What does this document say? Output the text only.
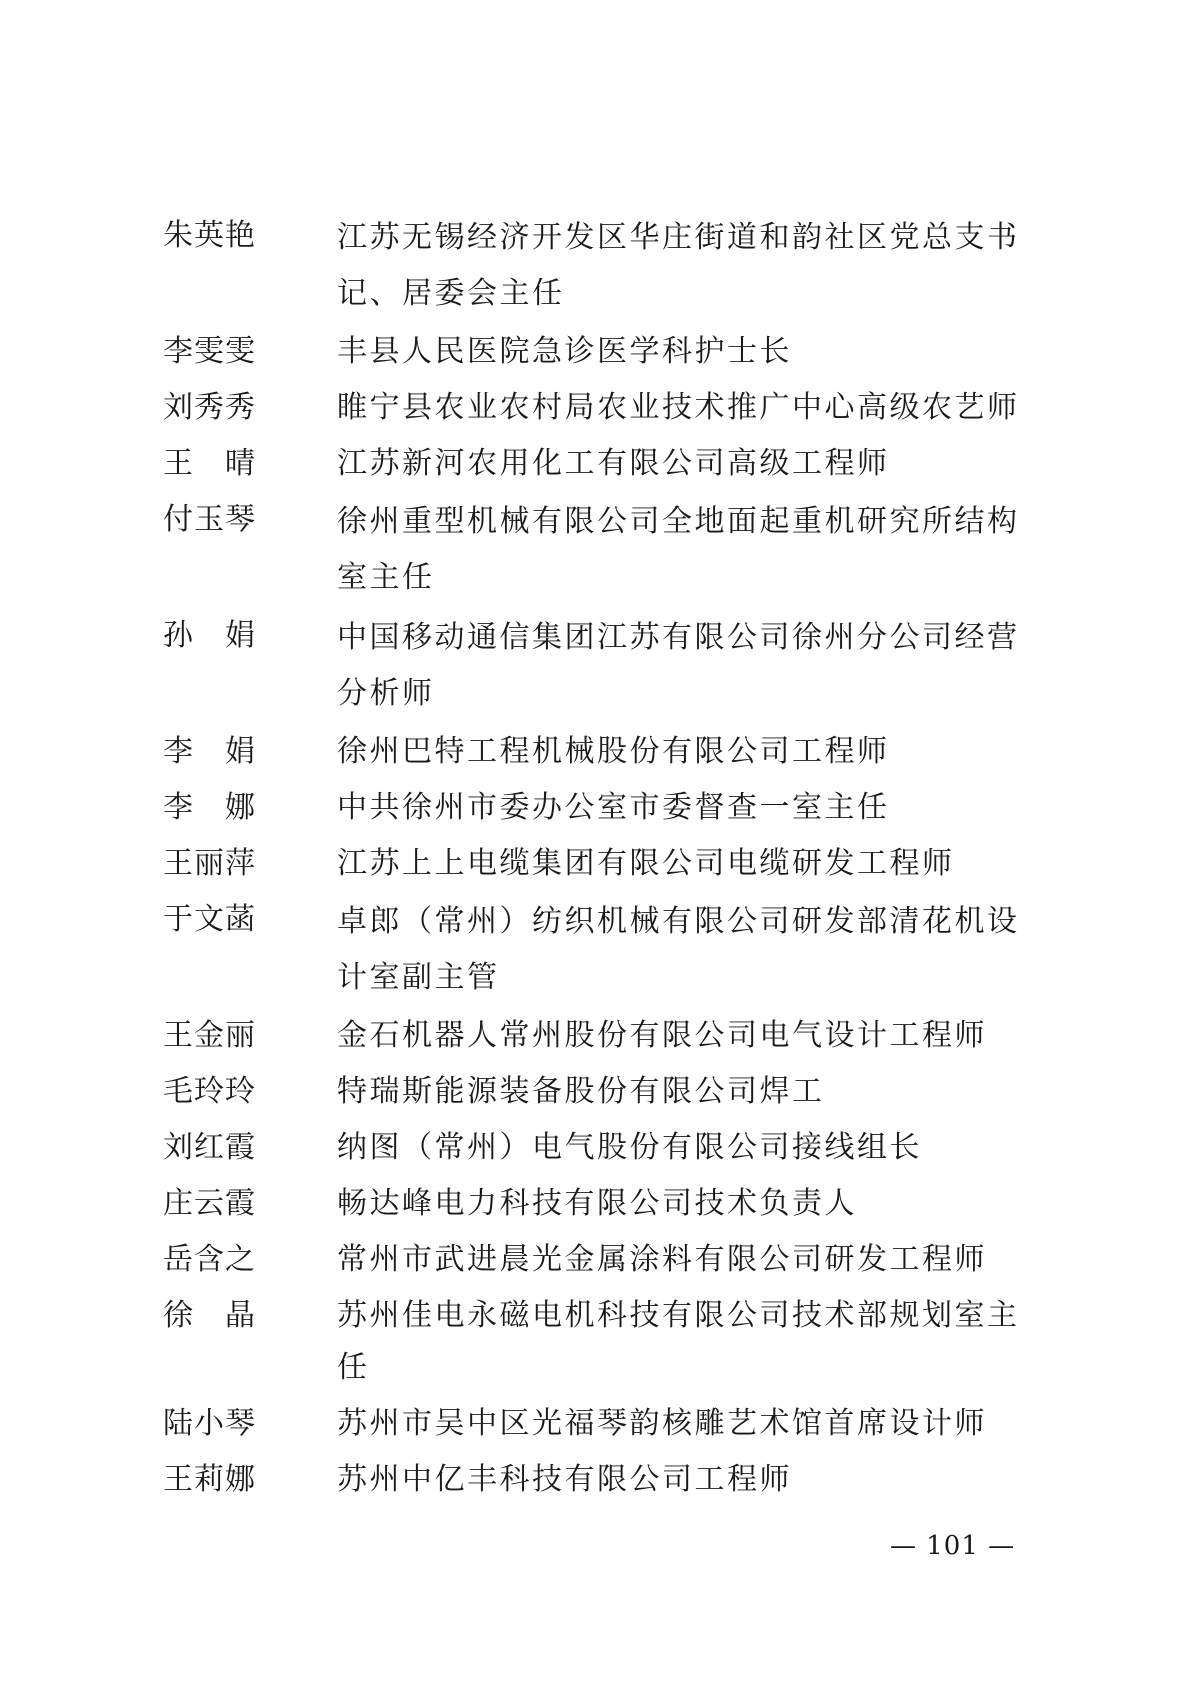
朱英艳	江苏无锡经济开发区华庄街道和韵社区党总支书记、居委会主任
李雯雯	丰县人民医院急诊医学科护士长
刘秀秀	睢宁县农业农村局农业技术推广中心高级农艺师
王晴	江苏新河农用化工有限公司高级工程师
付玉琴	徐州重型机械有限公司全地面起重机研究所结构室主任
孙娟	中国移动通信集团江苏有限公司徐州分公司经营分析师
李娟	徐州巴特工程机械股份有限公司工程师
李娜	中共徐州市委办公室市委督查一室主任
王丽萍	江苏上上电缆集团有限公司电缆研发工程师
于文菡	卓郎（常州）纺织机械有限公司研发部清花机设计室副主管
王金丽	金石机器人常州股份有限公司电气设计工程师
毛玲玲	特瑞斯能源装备股份有限公司焊工
刘红霞	纳图（常州）电气股份有限公司接线组长
庄云霞	畅达峰电力科技有限公司技术负责人
岳含之	常州市武进晨光金属涂料有限公司研发工程师
徐晶	苏州佳电永磁电机科技有限公司技术部规划室主任
陆小琴	苏州市吴中区光福琴韵核雕艺术馆首席设计师
王莉娜	苏州中亿丰科技有限公司工程师
— 101 —
